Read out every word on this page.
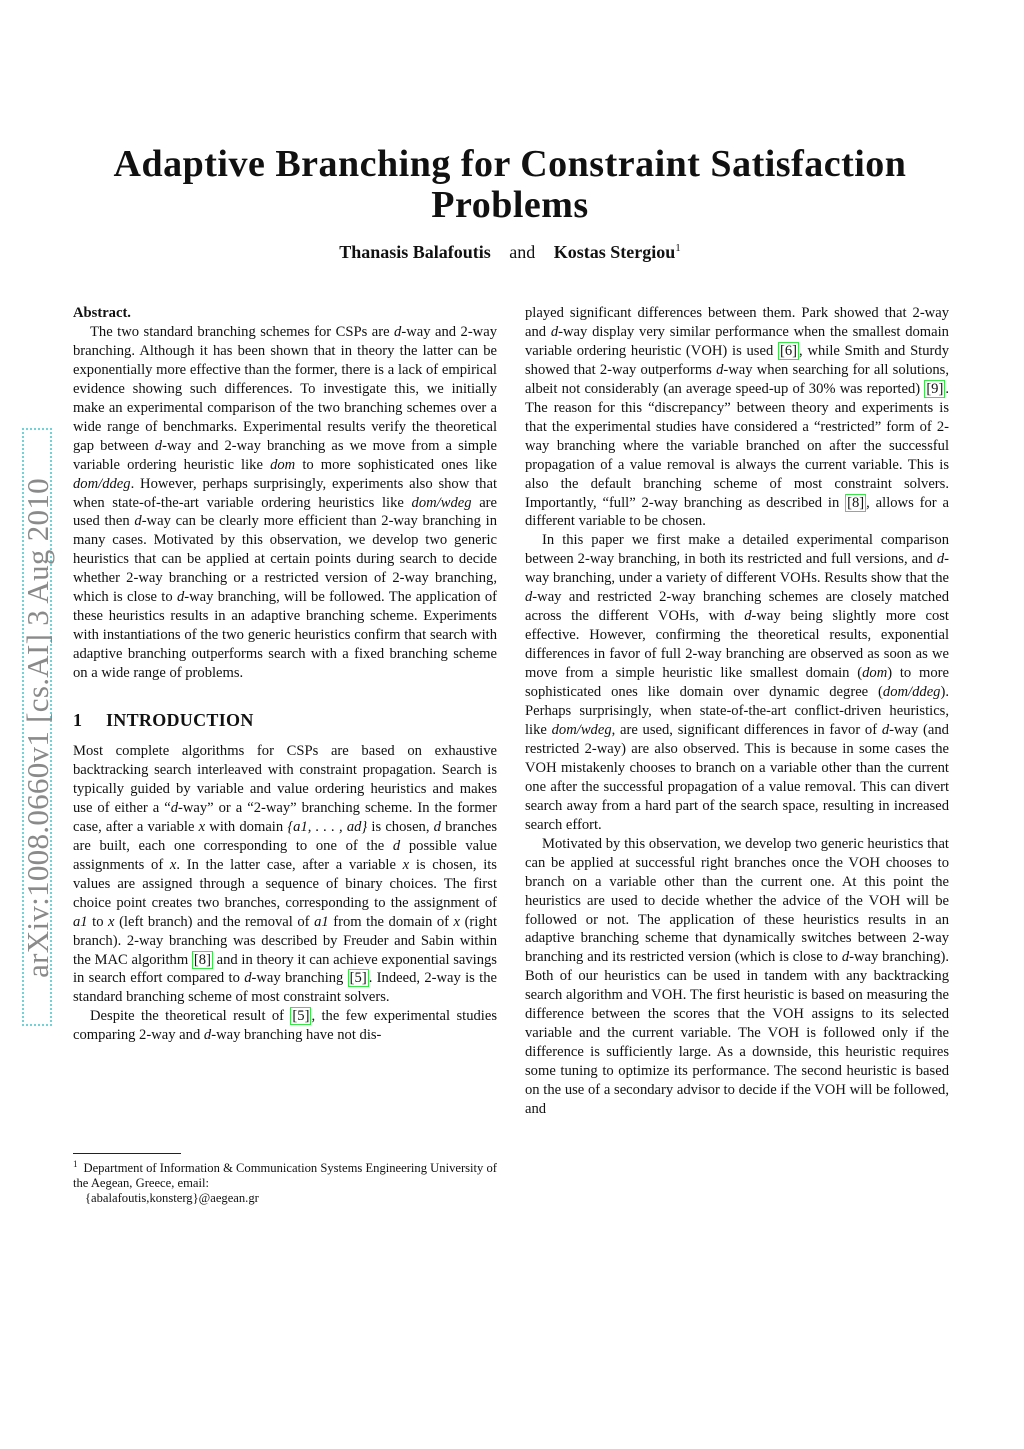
arXiv:1008.0660v1 [cs.AI] 3 Aug 2010
Adaptive Branching for Constraint Satisfaction Problems
Thanasis Balafoutis and Kostas Stergiou$^1$

Abstract.

The two standard branching schemes for CSPs are d-way and 2-way branching. Although it has been shown that in theory the latter can be exponentially more effective than the former, there is a lack of empirical evidence showing such differences. To investigate this, we initially make an experimental comparison of the two branching schemes over a wide range of benchmarks. Experimental results verify the theoretical gap between d-way and 2-way branching as we move from a simple variable ordering heuristic like dom to more sophisticated ones like dom/ddeg. However, perhaps surprisingly, experiments also show that when state-of-the-art variable ordering heuristics like dom/wdeg are used then d-way can be clearly more efficient than 2-way branching in many cases. Motivated by this observation, we develop two generic heuristics that can be applied at certain points during search to decide whether 2-way branching or a restricted version of 2-way branching, which is close to d-way branching, will be followed. The application of these heuristics results in an adaptive branching scheme. Experiments with instantiations of the two generic heuristics confirm that search with adaptive branching outperforms search with a fixed branching scheme on a wide range of problems.

1 INTRODUCTION

Most complete algorithms for CSPs are based on exhaustive backtracking search interleaved with constraint propagation. Search is typically guided by variable and value ordering heuristics and makes use of either a “d-way” or a “2-way” branching scheme. In the former case, after a variable x with domain {a1, . . . , ad} is chosen, d branches are built, each one corresponding to one of the d possible value assignments of x. In the latter case, after a variable x is chosen, its values are assigned through a sequence of binary choices. The first choice point creates two branches, corresponding to the assignment of a1 to x (left branch) and the removal of a1 from the domain of x (right branch). 2-way branching was described by Freuder and Sabin within the MAC algorithm [8] and in theory it can achieve exponential savings in search effort compared to d-way branching [5] . Indeed, 2-way is the standard branching scheme of most constraint solvers.

Despite the theoretical result of [5] , the few experimental studies comparing 2-way and d-way branching have not dis-

$^1$ Department of Information & Communication Systems Engineering University of the Aegean, Greece, email:
{abalafoutis,konsterg}@aegean.gr

played significant differences between them. Park showed that 2-way and d-way display very similar performance when the smallest domain variable ordering heuristic (VOH) is used [6] , while Smith and Sturdy showed that 2-way outperforms d-way when searching for all solutions, albeit not considerably (an average speed-up of 30% was reported) [9] . The reason for this “discrepancy” between theory and experiments is that the experimental studies have considered a “restricted” form of 2-way branching where the variable branched on after the successful propagation of a value removal is always the current variable. This is also the default branching scheme of most constraint solvers. Importantly, “full” 2-way branching as described in [8] , allows for a different variable to be chosen.

In this paper we first make a detailed experimental comparison between 2-way branching, in both its restricted and full versions, and d-way branching, under a variety of different VOHs. Results show that the d-way and restricted 2-way branching schemes are closely matched across the different VOHs, with d-way being slightly more cost effective. However, confirming the theoretical results, exponential differences in favor of full 2-way branching are observed as soon as we move from a simple heuristic like smallest domain (dom) to more sophisticated ones like domain over dynamic degree (dom/ddeg). Perhaps surprisingly, when state-of-the-art conflict-driven heuristics, like dom/wdeg, are used, significant differences in favor of d-way (and restricted 2-way) are also observed. This is because in some cases the VOH mistakenly chooses to branch on a variable other than the current one after the successful propagation of a value removal. This can divert search away from a hard part of the search space, resulting in increased search effort.

Motivated by this observation, we develop two generic heuristics that can be applied at successful right branches once the VOH chooses to branch on a variable other than the current one. At this point the heuristics are used to decide whether the advice of the VOH will be followed or not. The application of these heuristics results in an adaptive branching scheme that dynamically switches between 2-way branching and its restricted version (which is close to d-way branching). Both of our heuristics can be used in tandem with any backtracking search algorithm and VOH. The first heuristic is based on measuring the difference between the scores that the VOH assigns to its selected variable and the current variable. The VOH is followed only if the difference is sufficiently large. As a downside, this heuristic requires some tuning to optimize its performance. The second heuristic is based on the use of a secondary advisor to decide if the VOH will be followed, and
